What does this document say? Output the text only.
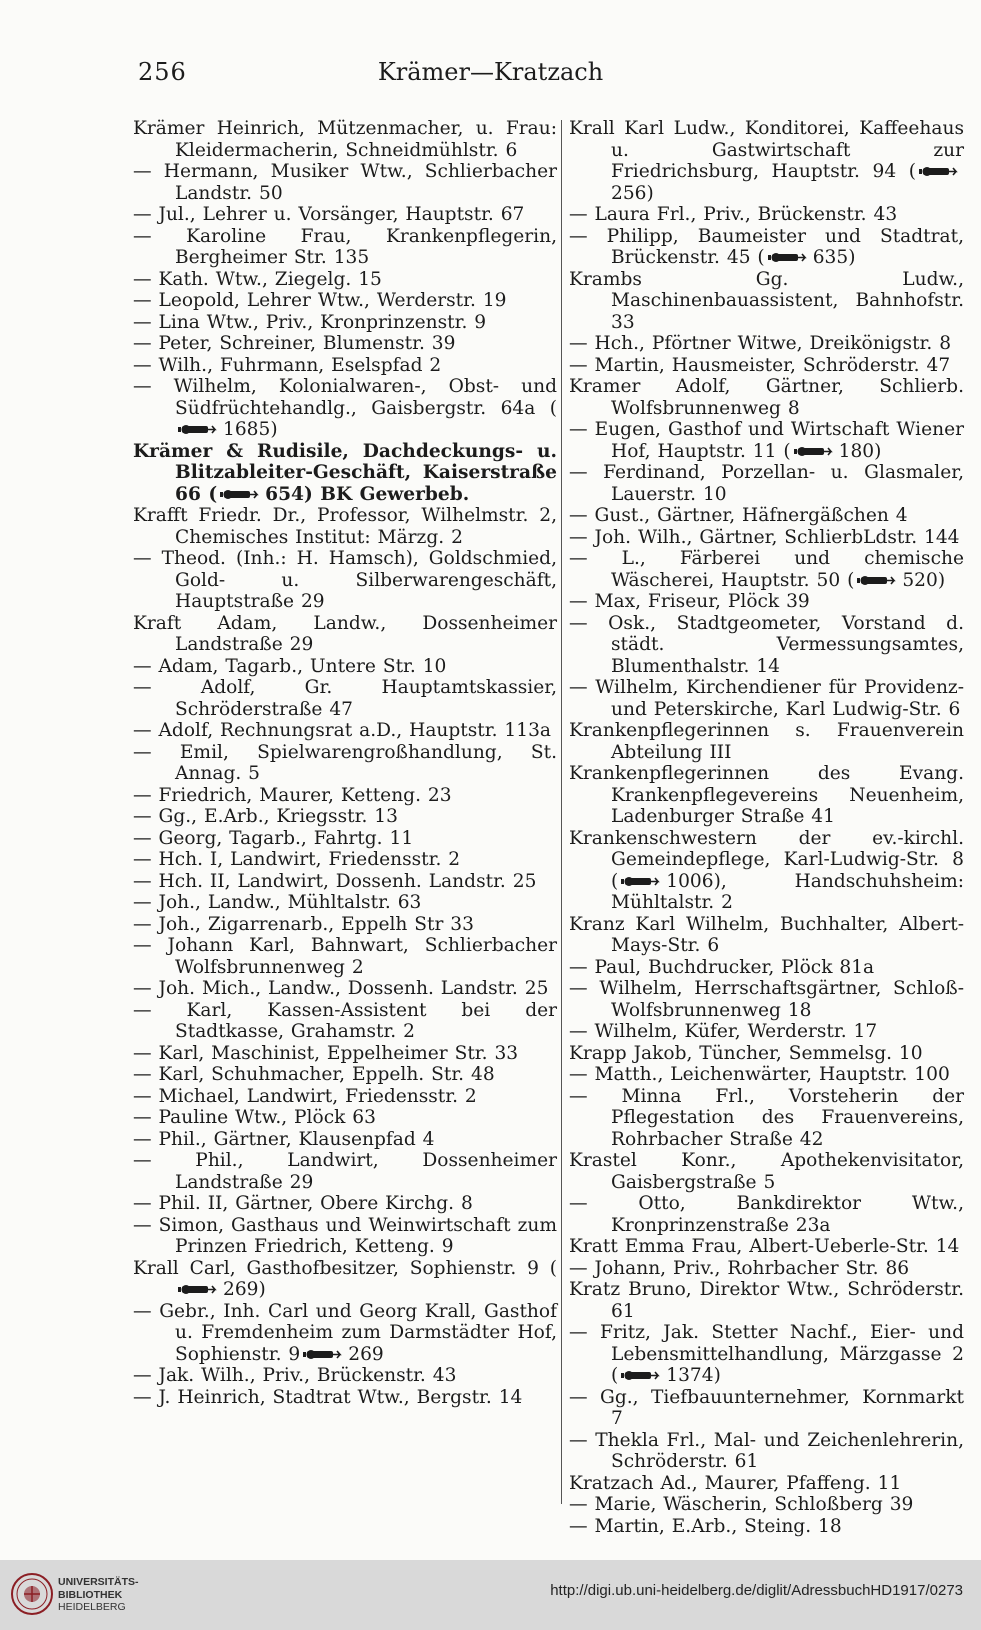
256	Krämer—Kratzach
Krämer Heinrich, Mützenmacher, u. Frau: Kleidermacherin, Schneidmühlstr. 6
— Hermann, Musiker Wtw., Schlierbacher Landstr. 50
— Jul., Lehrer u. Vorsänger, Hauptstr. 67
— Karoline Frau, Krankenpflegerin, Bergheimer Str. 135
— Kath. Wtw., Ziegelg. 15
— Leopold, Lehrer Wtw., Werderstr. 19
— Lina Wtw., Priv., Kronprinzenstr. 9
— Peter, Schreiner, Blumenstr. 39
— Wilh., Fuhrmann, Eselspfad 2
— Wilhelm, Kolonialwaren-, Obst- und Südfrüchtehandlg., Gaisbergstr. 64a (
1685)
Krämer & Rudisile, Dachdeckungs- u. Blitzableiter-Geschäft, Kaiserstraße 66 (	654) BK Gewerbeb.
Krafft Friedr. Dr., Professor, Wilhelmstr. 2, Chemisches Institut: Märzg. 2
— Theod. (Inh.: H. Hamsch), Goldschmied, Gold- u. Silberwarengeschäft, Hauptstraße 29
Kraft Adam, Landw., Dossenheimer Landstraße 29
— Adam, Tagarb., Untere Str. 10
— Adolf, Gr. Hauptamtskassier, Schröderstraße 47
— Adolf, Rechnungsrat a.D., Hauptstr. 113a
— Emil, Spielwarengroßhandlung, St. Annag. 5
— Friedrich, Maurer, Ketteng. 23
— Gg., E.Arb., Kriegsstr. 13
— Georg, Tagarb., Fahrtg. 11
— Hch. I, Landwirt, Friedensstr. 2
— Hch. II, Landwirt, Dossenh. Landstr. 25
— Joh., Landw., Mühltalstr. 63
— Joh., Zigarrenarb., Eppelh Str 33
— Johann Karl, Bahnwart, Schlierbacher Wolfsbrunnenweg 2
— Joh. Mich., Landw., Dossenh. Landstr. 25
— Karl, Kassen-Assistent bei der Stadtkasse, Grahamstr. 2
— Karl, Maschinist, Eppelheimer Str. 33
— Karl, Schuhmacher, Eppelh. Str. 48
— Michael, Landwirt, Friedensstr. 2
— Pauline Wtw., Plöck 63
— Phil., Gärtner, Klausenpfad 4
— Phil., Landwirt, Dossenheimer Landstraße 29
— Phil. II, Gärtner, Obere Kirchg. 8
— Simon, Gasthaus und Weinwirtschaft zum Prinzen Friedrich, Ketteng. 9
Krall Carl, Gasthofbesitzer, Sophienstr. 9 (
269)
— Gebr., Inh. Carl und Georg Krall, Gasthof u. Fremdenheim zum Darmstädter Hof, Sophienstr. 9	269
— Jak. Wilh., Priv., Brückenstr. 43
— J. Heinrich, Stadtrat Wtw., Bergstr. 14
Krall Karl Ludw., Konditorei, Kaffeehaus u. Gastwirtschaft zur Friedrichsburg, Hauptstr. 94 (
256)
— Laura Frl., Priv., Brückenstr. 43
— Philipp, Baumeister und Stadtrat, Brückenstr. 45 (	635)
Krambs Gg. Ludw., Maschinenbauassistent, Bahnhofstr. 33
— Hch., Pförtner Witwe, Dreikönigstr. 8
— Martin, Hausmeister, Schröderstr. 47
Kramer Adolf, Gärtner, Schlierb. Wolfsbrunnenweg 8
— Eugen, Gasthof und Wirtschaft Wiener Hof, Hauptstr. 11 (	180)
— Ferdinand, Porzellan- u. Glasmaler, Lauerstr. 10
— Gust., Gärtner, Häfnergäßchen 4
— Joh. Wilh., Gärtner, SchlierbLdstr. 144
— L., Färberei und chemische Wäscherei, Hauptstr. 50 (	520)
— Max, Friseur, Plöck 39
— Osk., Stadtgeometer, Vorstand d. städt. Vermessungsamtes, Blumenthalstr. 14
— Wilhelm, Kirchendiener für Providenz- und Peterskirche, Karl Ludwig-Str. 6
Krankenpflegerinnen s. Frauenverein Abteilung III
Krankenpflegerinnen des Evang. Krankenpflegevereins Neuenheim, Ladenburger Straße 41
Krankenschwestern der ev.-kirchl. Gemeindepflege, Karl-Ludwig-Str. 8 (	1006), Handschuhsheim: Mühltalstr. 2
Kranz Karl Wilhelm, Buchhalter, Albert-Mays-Str. 6
— Paul, Buchdrucker, Plöck 81a
— Wilhelm, Herrschaftsgärtner, Schloß-Wolfsbrunnenweg 18
— Wilhelm, Küfer, Werderstr. 17
Krapp Jakob, Tüncher, Semmelsg. 10
— Matth., Leichenwärter, Hauptstr. 100
— Minna Frl., Vorsteherin der Pflegestation des Frauenvereins, Rohrbacher Straße 42
Krastel Konr., Apothekenvisitator, Gaisbergstraße 5
— Otto, Bankdirektor Wtw., Kronprinzenstraße 23a
Kratt Emma Frau, Albert-Ueberle-Str. 14
— Johann, Priv., Rohrbacher Str. 86
Kratz Bruno, Direktor Wtw., Schröderstr. 61
— Fritz, Jak. Stetter Nachf., Eier- und Lebensmittelhandlung, Märzgasse 2 (	1374)
— Gg., Tiefbauunternehmer, Kornmarkt 7
— Thekla Frl., Mal- und Zeichenlehrerin, Schröderstr. 61
Kratzach Ad., Maurer, Pfaffeng. 11
— Marie, Wäscherin, Schloßberg 39
— Martin, E.Arb., Steing. 18
UNIVERSITÄTS-
BIBLIOTHEK
HEIDELBERG
http://digi.ub.uni-heidelberg.de/diglit/AdressbuchHD1917/0273
